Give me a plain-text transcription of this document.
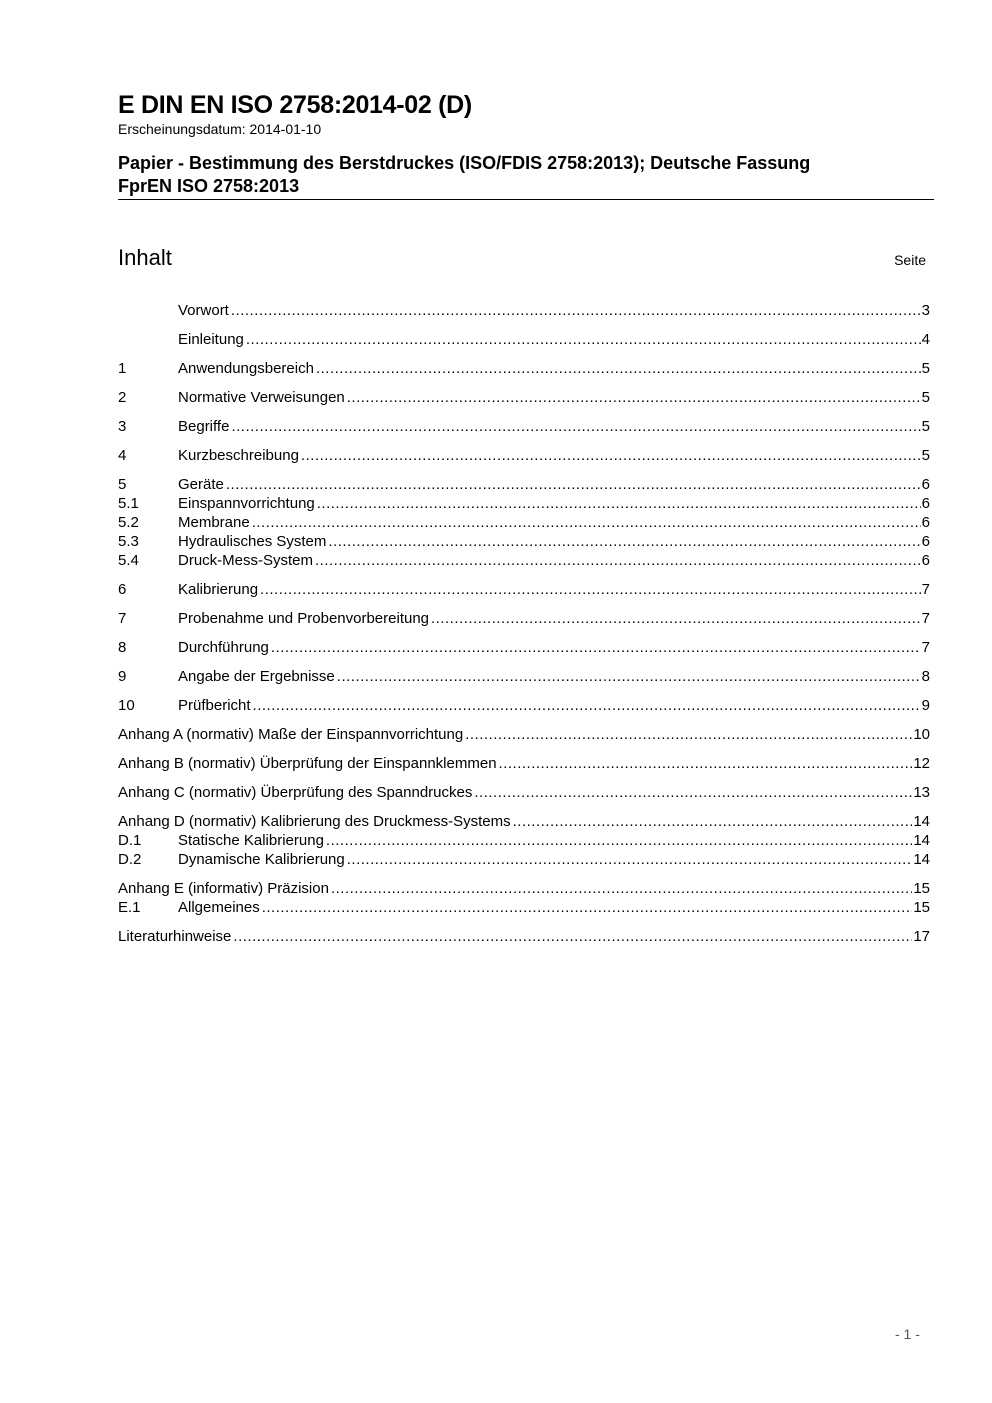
E DIN EN ISO 2758:2014-02 (D)
Erscheinungsdatum: 2014-01-10
Papier - Bestimmung des Berstdruckes (ISO/FDIS 2758:2013); Deutsche Fassung
FprEN ISO 2758:2013
Inhalt	Seite
Vorwort .....	3
Einleitung .....	4
1	Anwendungsbereich .....	5
2	Normative Verweisungen .....	5
3	Begriffe .....	5
4	Kurzbeschreibung .....	5
5	Geräte .....	6
5.1	Einspannvorrichtung .....	6
5.2	Membrane .....	6
5.3	Hydraulisches System .....	6
5.4	Druck-Mess-System .....	6
6	Kalibrierung .....	7
7	Probenahme und Probenvorbereitung .....	7
8	Durchführung .....	7
9	Angabe der Ergebnisse .....	8
10	Prüfbericht .....	9
Anhang A (normativ) Maße der Einspannvorrichtung .....	10
Anhang B (normativ) Überprüfung der Einspannklemmen .....	12
Anhang C (normativ) Überprüfung des Spanndruckes .....	13
Anhang D (normativ) Kalibrierung des Druckmess-Systems .....	14
D.1	Statische Kalibrierung .....	14
D.2	Dynamische Kalibrierung .....	14
Anhang E (informativ) Präzision .....	15
E.1	Allgemeines .....	15
Literaturhinweise .....	17
- 1 -
